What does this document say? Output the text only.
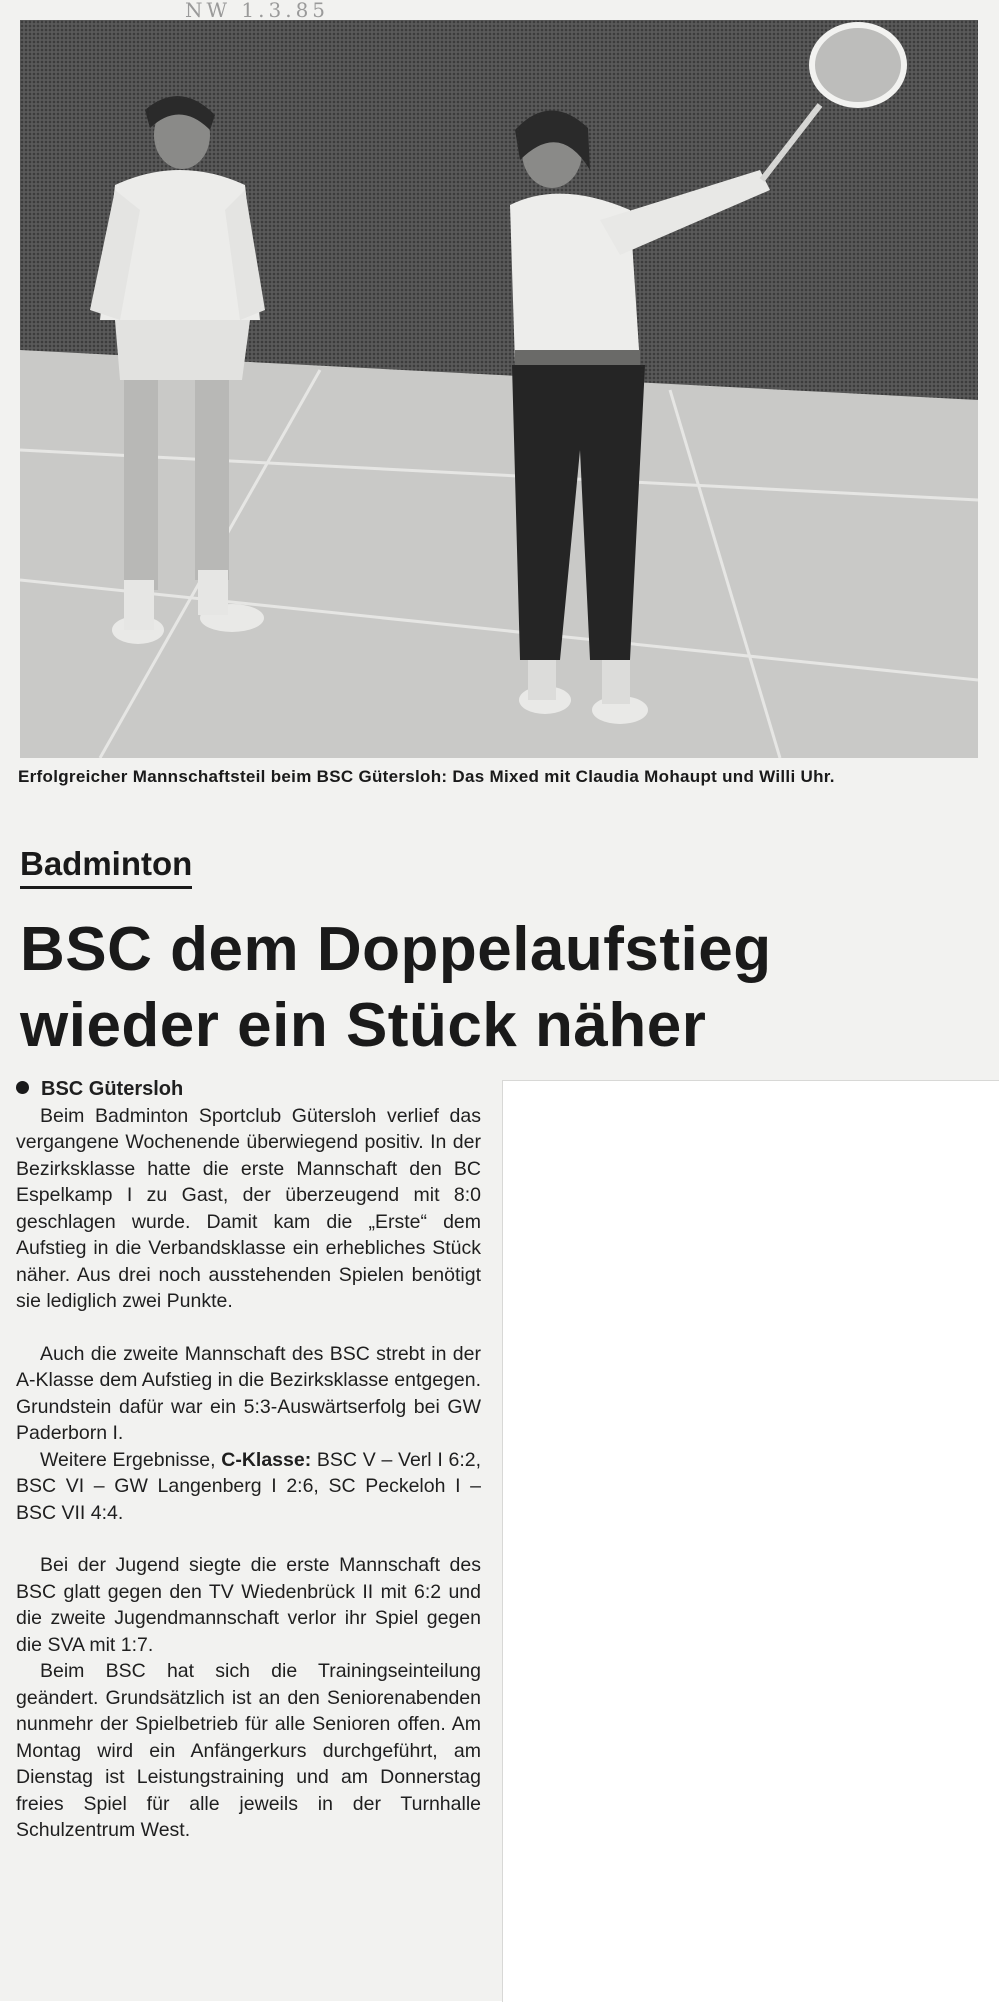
NW 1.3.85
Erfolgreicher Mannschaftsteil beim BSC Gütersloh: Das Mixed mit Claudia Mohaupt und Willi Uhr.
Badminton
BSC dem Doppelaufstieg
wieder ein Stück näher
BSC Gütersloh

Beim Badminton Sportclub Gütersloh verlief das vergangene Wochenende überwiegend positiv. In der Bezirksklasse hatte die erste Mannschaft den BC Espelkamp I zu Gast, der überzeugend mit 8:0 geschlagen wurde. Damit kam die „Erste“ dem Aufstieg in die Verbandsklasse ein erhebliches Stück näher. Aus drei noch ausstehenden Spielen benötigt sie lediglich zwei Punkte.

Auch die zweite Mannschaft des BSC strebt in der A-Klasse dem Aufstieg in die Bezirksklasse entgegen. Grundstein dafür war ein 5:3-Auswärtserfolg bei GW Paderborn I.

Weitere Ergebnisse, C-Klasse: BSC V – Verl I 6:2, BSC VI – GW Langenberg I 2:6, SC Peckeloh I – BSC VII 4:4.

Bei der Jugend siegte die erste Mannschaft des BSC glatt gegen den TV Wiedenbrück II mit 6:2 und die zweite Jugendmannschaft verlor ihr Spiel gegen die SVA mit 1:7.

Beim BSC hat sich die Trainingseinteilung geändert. Grundsätzlich ist an den Seniorenabenden nunmehr der Spielbetrieb für alle Senioren offen. Am Montag wird ein Anfängerkurs durchgeführt, am Dienstag ist Leistungstraining und am Donnerstag freies Spiel für alle jeweils in der Turnhalle Schulzentrum West.
